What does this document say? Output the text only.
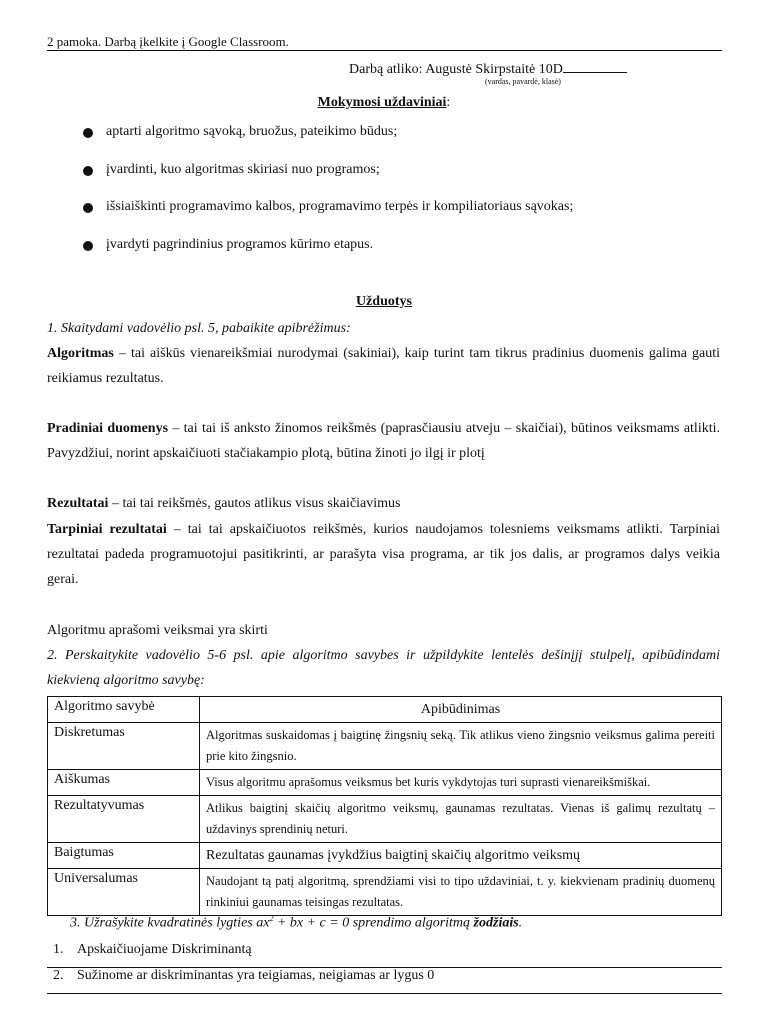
2 pamoka. Darbą įkelkite į Google Classroom.
Darbą atliko: Augustė Skirpstaitė 10D
(vardas, pavardė, klasė)
Mokymosi uždaviniai:
aptarti algoritmo sąvoką, bruožus, pateikimo būdus;
įvardinti, kuo algoritmas skiriasi nuo programos;
išsiaiškinti programavimo kalbos, programavimo terpės ir kompiliatoriaus sąvokas;
įvardyti pagrindinius programos kūrimo etapus.
Užduotys
1. Skaitydami vadovėlio psl. 5, pabaikite apibrėžimus:
Algoritmas – tai aiškūs vienareikšmiai nurodymai (sakiniai), kaip turint tam tikrus pradinius duomenis galima gauti reikiamus rezultatus.
Pradiniai duomenys – tai tai iš anksto žinomos reikšmės (paprasčiausiu atveju – skaičiai), būtinos veiksmams atlikti. Pavyzdžiui, norint apskaičiuoti stačiakampio plotą, būtina žinoti jo ilgį ir plotį
Rezultatai – tai tai reikšmės, gautos atlikus visus skaičiavimus
Tarpiniai rezultatai – tai tai apskaičiuotos reikšmės, kurios naudojamos tolesniems veiksmams atlikti. Tarpiniai rezultatai padeda programuotojui pasitikrinti, ar parašyta visa programa, ar tik jos dalis, ar programos dalys veikia gerai.
Algoritmu aprašomi veiksmai yra skirti
2. Perskaitykite vadovėlio 5-6 psl. apie algoritmo savybes ir užpildykite lentelės dešinįjį stulpelį, apibūdindami kiekvieną algoritmo savybę:
Algoritmo savybė	Apibūdinimas
Diskretumas	Algoritmas suskaidomas į baigtinę žingsnių seką. Tik atlikus vieno žingsnio veiksmus galima pereiti prie kito žingsnio.
Aiškumas	Visus algoritmu aprašomus veiksmus bet kuris vykdytojas turi suprasti vienareikšmiškai.
Rezultatyvumas	Atlikus baigtinį skaičių algoritmo veiksmų, gaunamas rezultatas. Vienas iš galimų rezultatų – uždavinys sprendinių neturi.
Baigtumas	Rezultatas gaunamas įvykdžius baigtinį skaičių algoritmo veiksmų
Universalumas	Naudojant tą patį algoritmą, sprendžiami visi to tipo uždaviniai, t. y. kiekvienam pradinių duomenų rinkiniui gaunamas teisingas rezultatas.
3. Užrašykite kvadratinės lygties $ax^2$ + bx + c = 0 sprendimo algoritmą žodžiais.
1. Apskaičiuojame Diskriminantą
2. Sužinome ar diskriminantas yra teigiamas, neigiamas ar lygus 0
